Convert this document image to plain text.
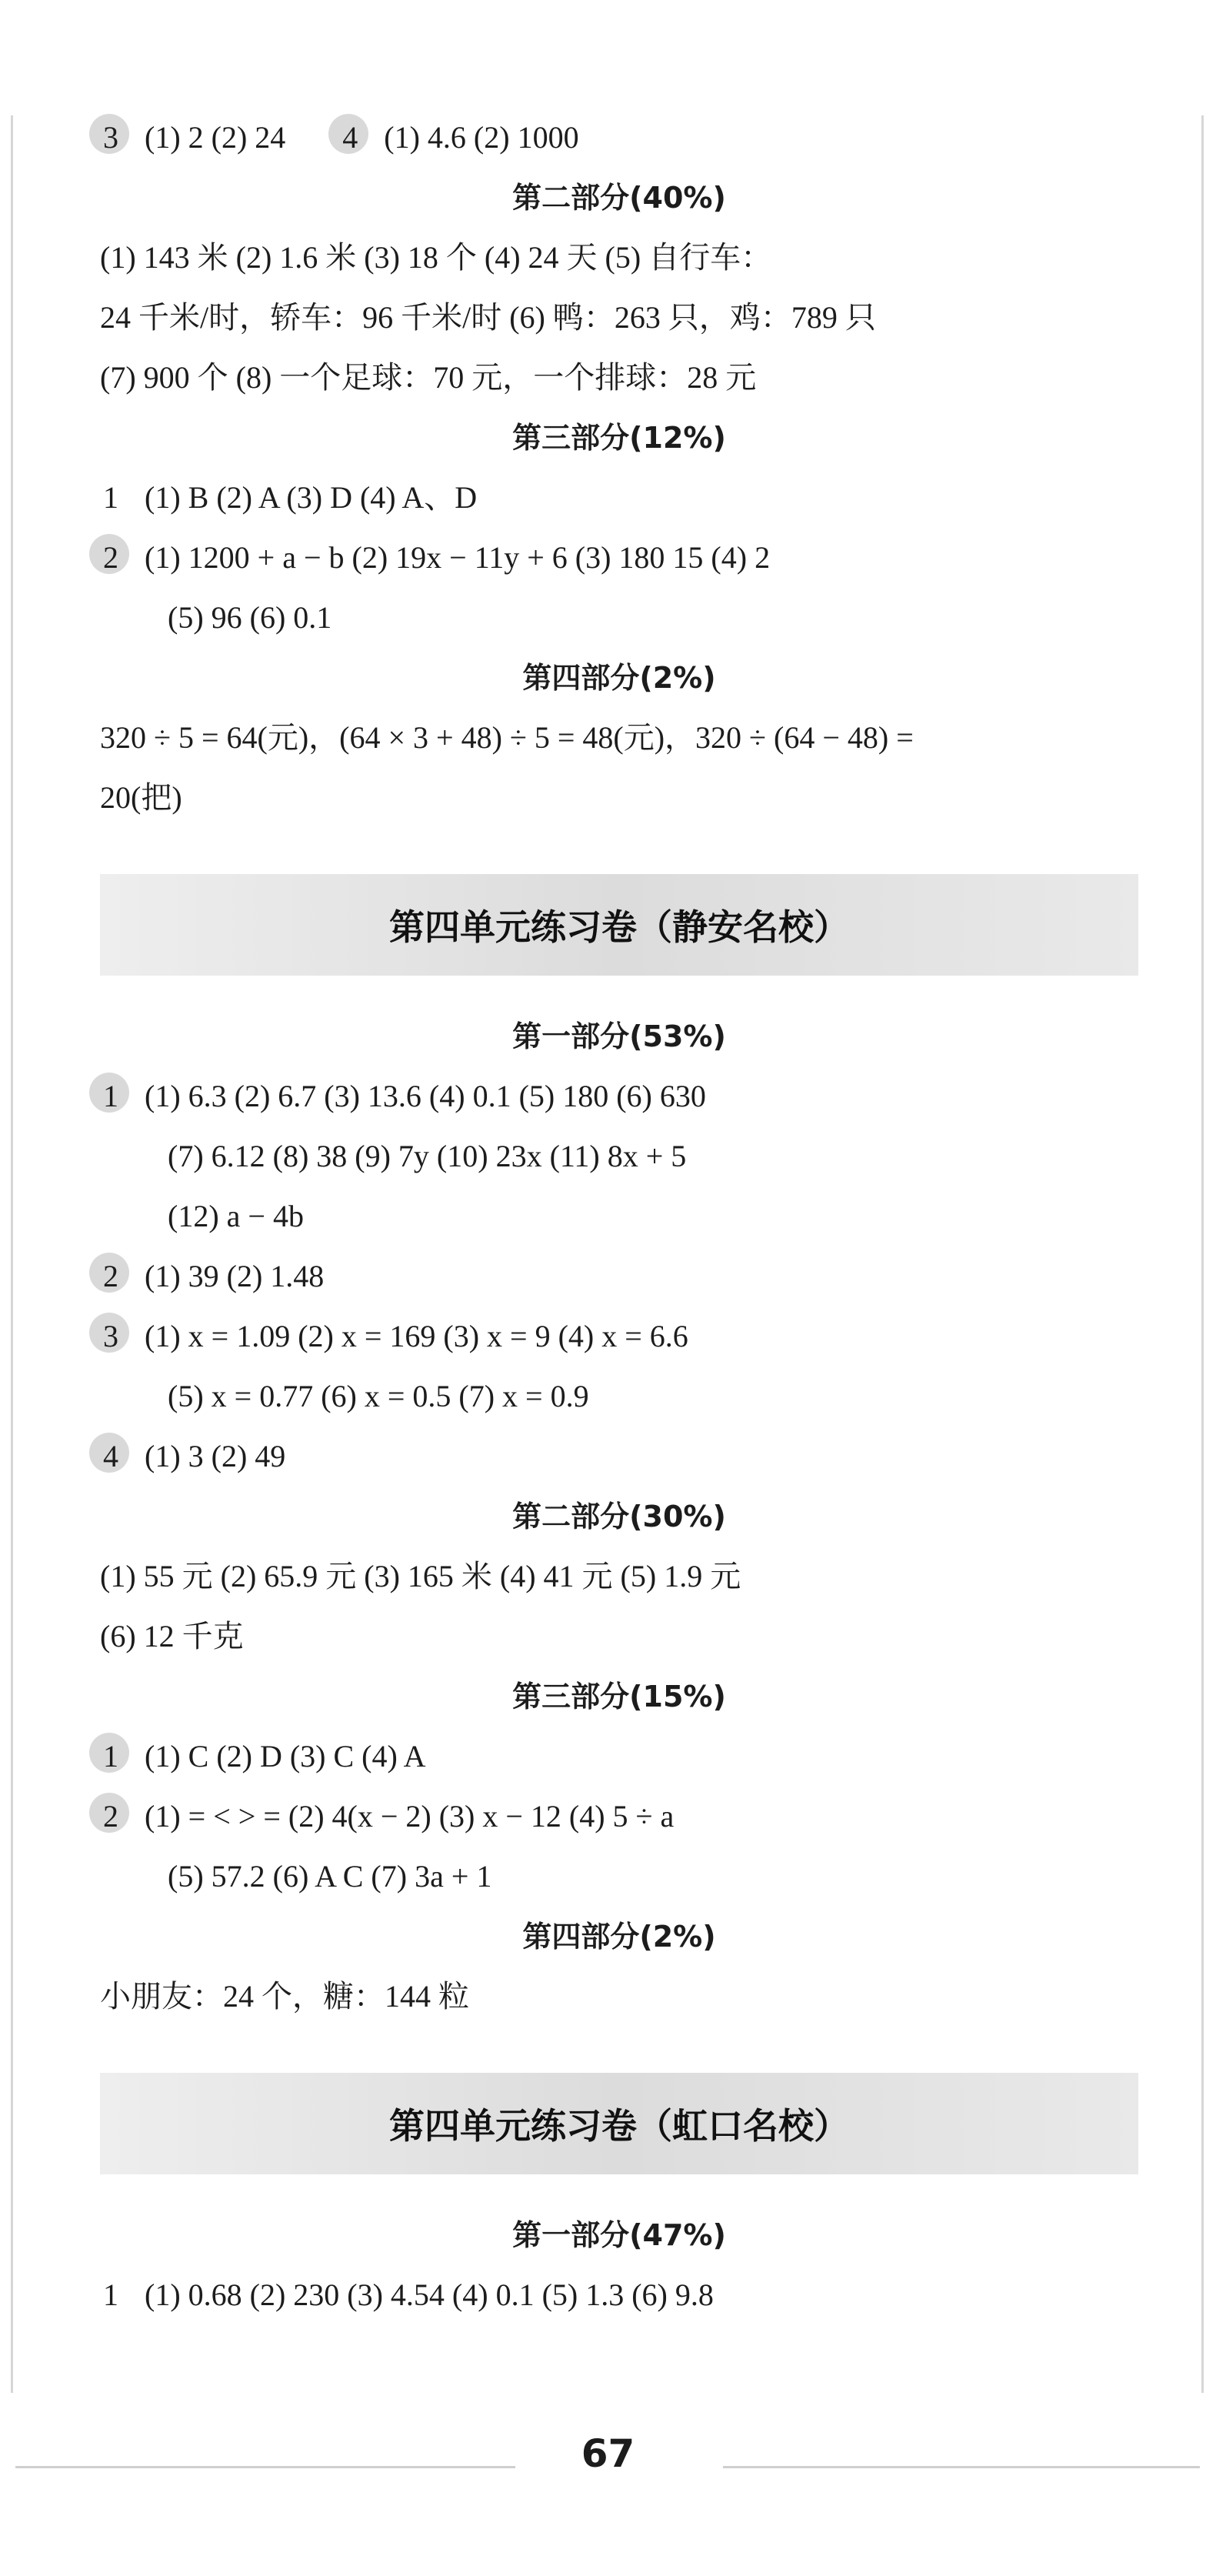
3 (1) 2 (2) 24 4 (1) 4.6 (2) 1000
第二部分(40%)
(1) 143 米 (2) 1.6 米 (3) 18 个 (4) 24 天 (5) 自行车：
24 千米/时，轿车：96 千米/时 (6) 鸭：263 只，鸡：789 只
(7) 900 个 (8) 一个足球：70 元，一个排球：28 元
第三部分(12%)
1 (1) B (2) A (3) D (4) A、D
2 (1) 1200 + a − b (2) 19x − 11y + 6 (3) 180 15 (4) 2
(5) 96 (6) 0.1
第四部分(2%)
320 ÷ 5 = 64(元)，(64 × 3 + 48) ÷ 5 = 48(元)，320 ÷ (64 − 48) =
20(把)
第四单元练习卷（静安名校）
第一部分(53%)
1 (1) 6.3 (2) 6.7 (3) 13.6 (4) 0.1 (5) 180 (6) 630
(7) 6.12 (8) 38 (9) 7y (10) 23x (11) 8x + 5
(12) a − 4b
2 (1) 39 (2) 1.48
3 (1) x = 1.09 (2) x = 169 (3) x = 9 (4) x = 6.6
(5) x = 0.77 (6) x = 0.5 (7) x = 0.9
4 (1) 3 (2) 49
第二部分(30%)
(1) 55 元 (2) 65.9 元 (3) 165 米 (4) 41 元 (5) 1.9 元
(6) 12 千克
第三部分(15%)
1 (1) C (2) D (3) C (4) A
2 (1) = < > = (2) 4(x − 2) (3) x − 12 (4) 5 ÷ a
(5) 57.2 (6) A C (7) 3a + 1
第四部分(2%)
小朋友：24 个，糖：144 粒
第四单元练习卷（虹口名校）
第一部分(47%)
1 (1) 0.68 (2) 230 (3) 4.54 (4) 0.1 (5) 1.3 (6) 9.8
67
